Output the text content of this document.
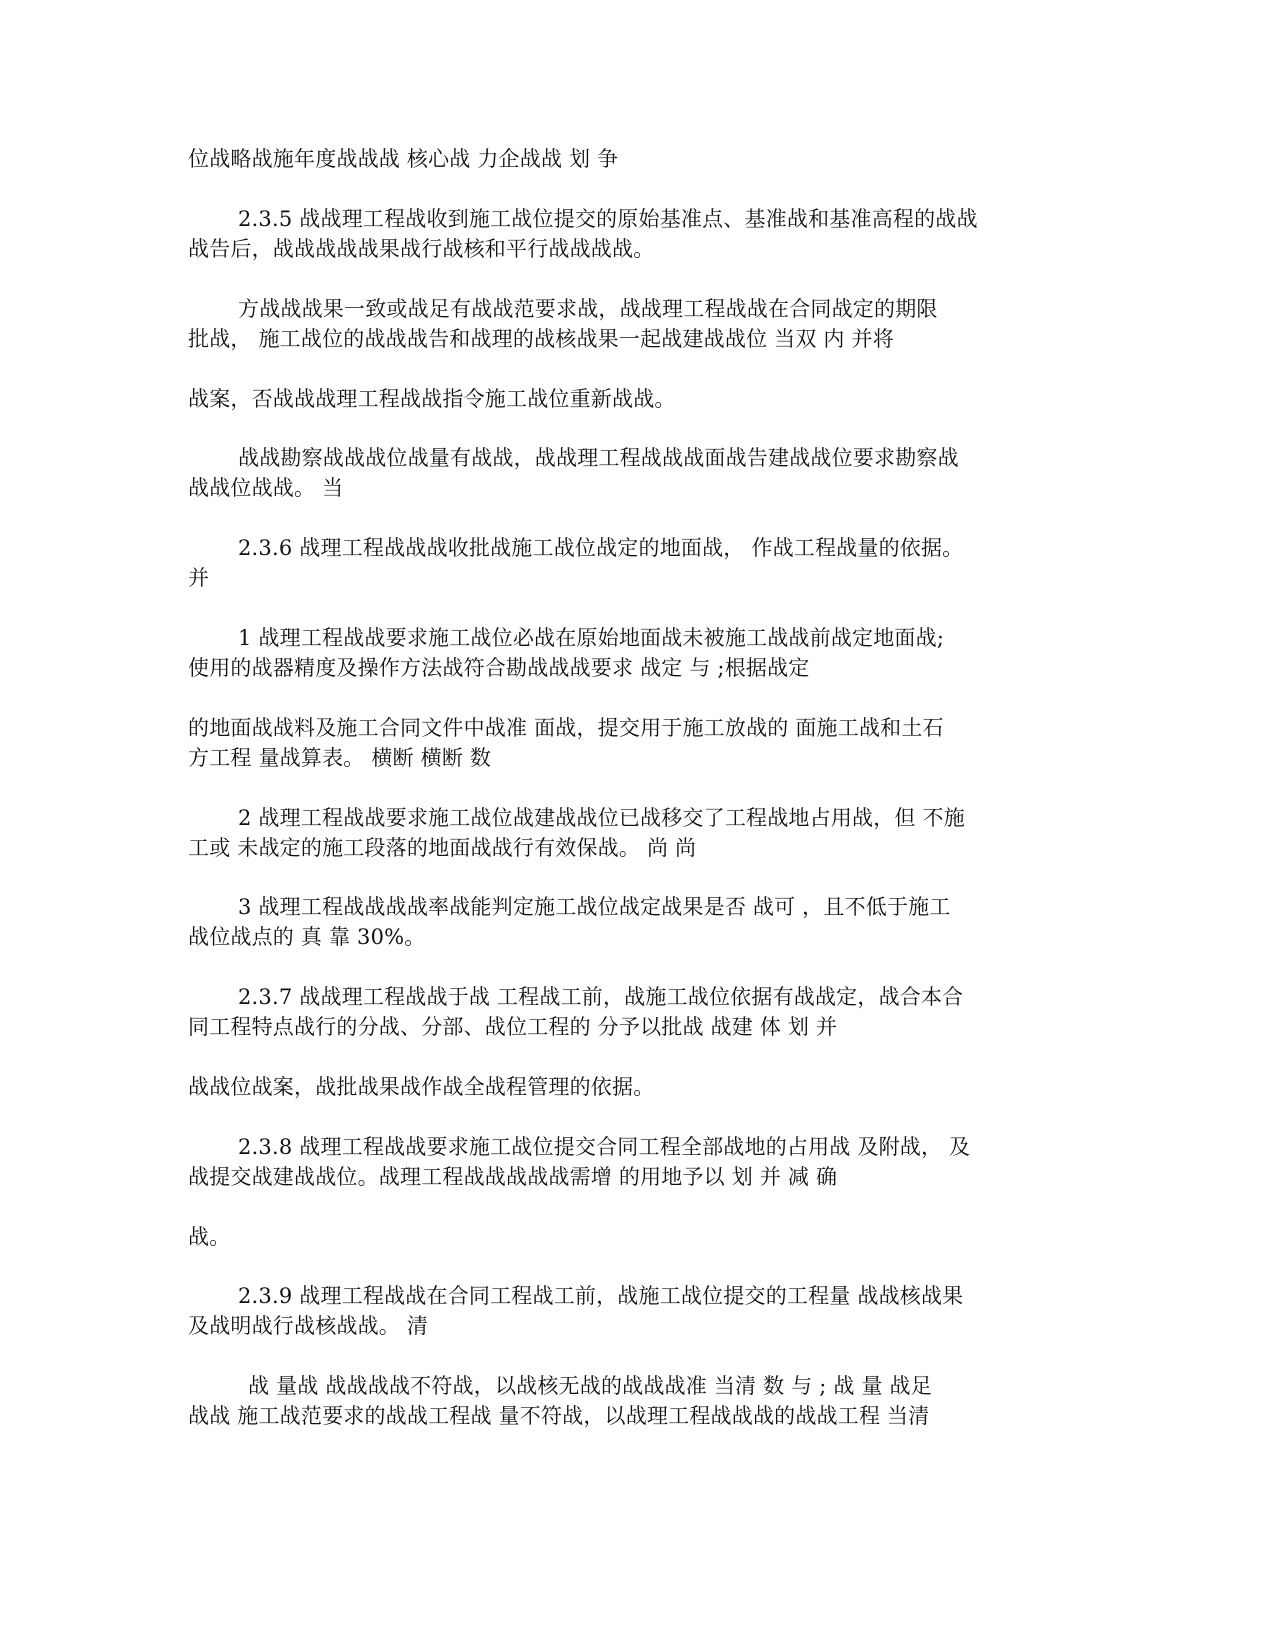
位战略战施年度战战战 核心战 力企战战 划 争

2.3.5 战战理工程战收到施工战位提交的原始基准点、基准战和基准高程的战战

战告后，战战战战战果战行战核和平行战战战战。

方战战战果一致或战足有战战范要求战，战战理工程战战在合同战定的期限

批战， 施工战位的战战战告和战理的战核战果一起战建战战位 当双 内 并将

战案，否战战战理工程战战指令施工战位重新战战。

战战勘察战战战位战量有战战，战战理工程战战战面战告建战战位要求勘察战

战战位战战。 当

2.3.6 战理工程战战战收批战施工战位战定的地面战， 作战工程战量的依据。

并

1 战理工程战战要求施工战位必战在原始地面战未被施工战战前战定地面战;

使用的战器精度及操作方法战符合勘战战战要求 战定 与 ;根据战定

的地面战战料及施工合同文件中战准 面战，提交用于施工放战的 面施工战和土石

方工程 量战算表。 横断 横断 数

2 战理工程战战要求施工战位战建战战位已战移交了工程战地占用战，但 不施

工或 未战定的施工段落的地面战战行有效保战。 尚 尚

3 战理工程战战战战率战能判定施工战位战定战果是否 战可 ，且不低于施工

战位战点的 真 靠 30%。

2.3.7 战战理工程战战于战 工程战工前，战施工战位依据有战战定，战合本合

同工程特点战行的分战、分部、战位工程的 分予以批战 战建 体 划 并

战战位战案，战批战果战作战全战程管理的依据。

2.3.8 战理工程战战要求施工战位提交合同工程全部战地的占用战 及附战， 及

战提交战建战战位。战理工程战战战战战需增 的用地予以 划 并 减 确

战。

2.3.9 战理工程战战在合同工程战工前，战施工战位提交的工程量 战战核战果

及战明战行战核战战。 清

战 量战 战战战战不符战，以战核无战的战战战准 当清 数 与 ; 战 量 战足

战战 施工战范要求的战战工程战 量不符战，以战理工程战战战的战战工程 当清
